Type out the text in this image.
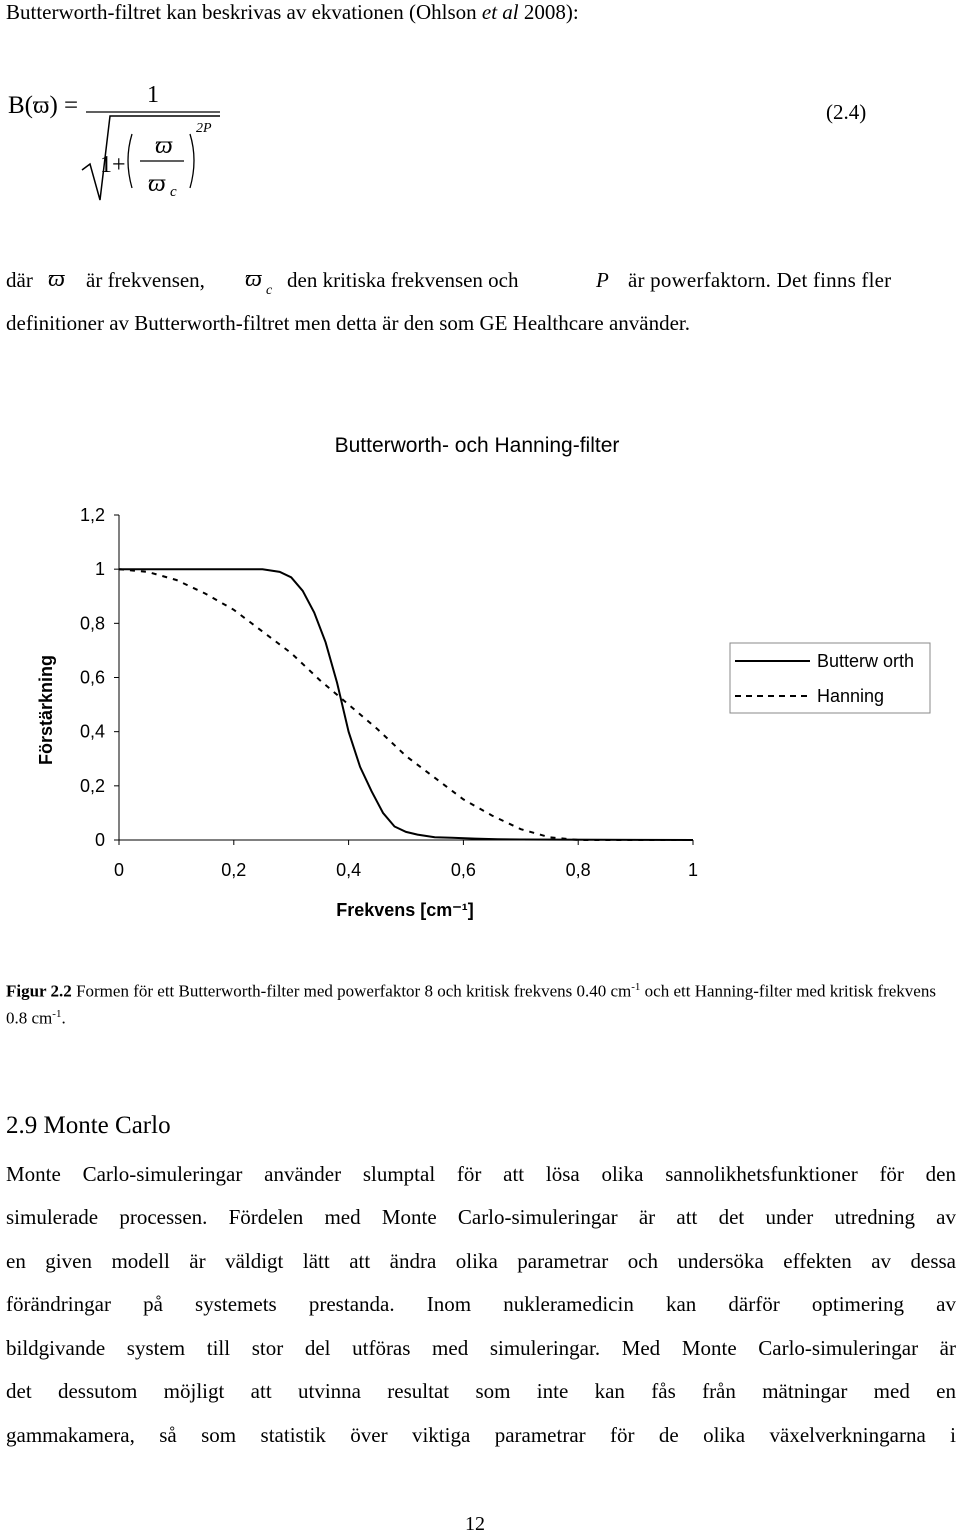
Butterworth-filtret kan beskrivas av ekvationen (Ohlson et al 2008):
B(ϖ) =	1
1+
ϖ
ϖ c
2P
(2.4)
där ϖ är frekvensen, ϖ c den kritiska frekvensen och	P är powerfaktorn. Det finns fler
definitioner av Butterworth-filtret men detta är den som GE Healthcare använder.
Butterworth- och Hanning-filter
Förstärkning
Frekvens [cm⁻¹]
0
0,2
0,4
0,6
0,8
1
1,2
0	0,2	0,4	0,6	0,8	1
Butterw orth
Hanning
Figur 2.2 Formen för ett Butterworth-filter med powerfaktor 8 och kritisk frekvens 0.40 $cm^{-1}$ och ett Hanning-filter med kritisk frekvens 0.8 $cm^{-1}$.
2.9 Monte Carlo
Monte Carlo-simuleringar använder slumptal för att lösa olika sannolikhetsfunktioner för den
simulerade processen. Fördelen med Monte Carlo-simuleringar är att det under utredning av
en given modell är väldigt lätt att ändra olika parametrar och undersöka effekten av dessa
förändringar på systemets prestanda. Inom nukleramedicin kan därför optimering av
bildgivande system till stor del utföras med simuleringar. Med Monte Carlo-simuleringar är
det dessutom möjligt att utvinna resultat som inte kan fås från mätningar med en
gammakamera, så som statistik över viktiga parametrar för de olika växelverkningarna i
12
